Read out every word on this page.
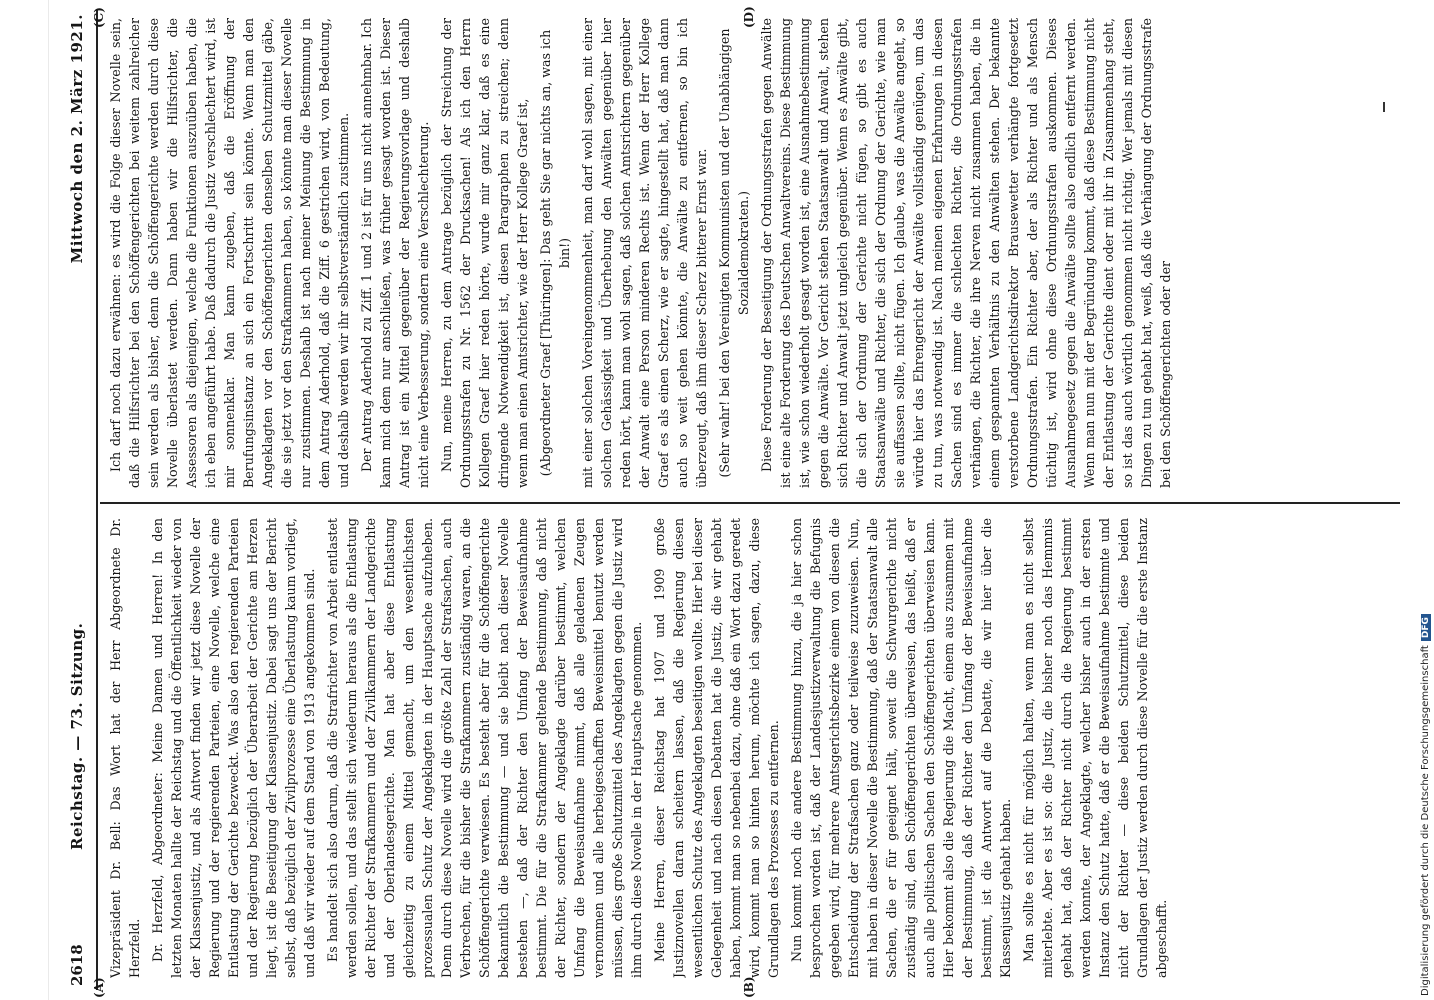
2618
Reichstag. — 73. Sitzung.
Mittwoch den 2. März 1921.

Vizepräsident Dr. Bell: Das Wort hat der Herr Abgeordnete Dr. Herzfeld. Dr. Herzfeld, Abgeordneter: Meine Damen und Herren! In den letzten Monaten hallte der Reichstag und die Öffentlichkeit wieder von der Klassenjustiz, und als Antwort finden wir jetzt diese Novelle der Regierung und der regierenden Parteien, eine Novelle, welche eine Entlastung der Gerichte bezweckt. Was also den regierenden Parteien und der Regierung bezüglich der Überarbeit der Gerichte am Herzen liegt, ist die Beseitigung der Klassenjustiz. Dabei sagt uns der Bericht selbst, daß bezüglich der Zivilprozesse eine Überlastung kaum vorliegt, und daß wir wieder auf dem Stand von 1913 angekommen sind. Es handelt sich also darum, daß die Strafrichter von Arbeit entlastet werden sollen, und das stellt sich wiederum heraus als die Entlastung der Richter der Strafkammern und der Zivilkammern der Landgerichte und der Oberlandesgerichte. Man hat aber diese Entlastung gleichzeitig zu einem Mittel gemacht, um den wesentlichsten prozessualen Schutz der Angeklagten in der Hauptsache aufzuheben. Denn durch diese Novelle wird die größte Zahl der Strafsachen, auch Verbrechen, für die bisher die Strafkammern zuständig waren, an die Schöffengerichte verwiesen. Es besteht aber für die Schöffengerichte bekanntlich die Bestimmung — und sie bleibt nach dieser Novelle bestehen —, daß der Richter den Umfang der Beweisaufnahme bestimmt. Die für die Strafkammer geltende Bestimmung, daß nicht der Richter, sondern der Angeklagte darüber bestimmt, welchen Umfang die Beweisaufnahme nimmt, daß alle geladenen Zeugen vernommen und alle herbeigeschafften Beweismittel benutzt werden müssen, dies große Schutzmittel des Angeklagten gegen die Justiz wird ihm durch diese Novelle in der Hauptsache genommen. Meine Herren, dieser Reichstag hat 1907 und 1909 große Justiznovellen daran scheitern lassen, daß die Regierung diesen wesentlichen Schutz des Angeklagten beseitigen wollte. Hier bei dieser Gelegenheit und nach diesen Debatten hat die Justiz, die wir gehabt haben, kommt man so nebenbei dazu, ohne daß ein Wort dazu geredet wird, kommt man so hinten herum, möchte ich sagen, dazu, diese Grundlagen des Prozesses zu entfernen. Nun kommt noch die andere Bestimmung hinzu, die ja hier schon besprochen worden ist, daß der Landesjustizverwaltung die Befugnis gegeben wird, für mehrere Amtsgerichtsbezirke einem von diesen die Entscheidung der Strafsachen ganz oder teilweise zuzuweisen. Nun, mit haben in dieser Novelle die Bestimmung, daß der Staatsanwalt alle Sachen, die er für geeignet hält, soweit die Schwurgerichte nicht zuständig sind, den Schöffengerichten überweisen, das heißt, daß er auch alle politischen Sachen den Schöffengerichten überweisen kann. Hier bekommt also die Regierung die Macht, einem aus zusammen mit der Bestimmung, daß der Richter den Umfang der Beweisaufnahme bestimmt, ist die Antwort auf die Debatte, die wir hier über die Klassenjustiz gehabt haben. Man sollte es nicht für möglich halten, wenn man es nicht selbst miterlebte. Aber es ist so: die Justiz, die bisher noch das Hemmnis gehabt hat, daß der Richter nicht durch die Regierung bestimmt werden konnte, der Angeklagte, welcher bisher auch in der ersten Instanz den Schutz hatte, daß er die Beweisaufnahme bestimmte und nicht der Richter — diese beiden Schutzmittel, diese beiden Grundlagen der Justiz werden durch diese Novelle für die erste Instanz abgeschafft.

Ich darf noch dazu erwähnen: es wird die Folge dieser Novelle sein, daß die Hilfsrichter bei den Schöffengerichten bei weitem zahlreicher sein werden als bisher, denn die Schöffengerichte werden durch diese Novelle überlastet werden. Dann haben wir die Hilfsrichter, die Assessoren als diejenigen, welche die Funktionen auszuüben haben, die ich eben angeführt habe. Daß dadurch die Justiz verschlechtert wird, ist mir sonnenklar. Man kann zugeben, daß die Eröffnung der Berufungsinstanz an sich ein Fortschritt sein könnte. Wenn man den Angeklagten vor den Schöffengerichten denselben Schutzmittel gäbe, die sie jetzt vor den Strafkammern haben, so könnte man dieser Novelle nur zustimmen. Deshalb ist nach meiner Meinung die Bestimmung in dem Antrag Aderhold, daß die Ziff. 6 gestrichen wird, von Bedeutung, und deshalb werden wir ihr selbstverständlich zustimmen. Der Antrag Aderhold zu Ziff. 1 und 2 ist für uns nicht annehmbar. Ich kann mich dem nur anschließen, was früher gesagt worden ist. Dieser Antrag ist ein Mittel gegenüber der Regierungsvorlage und deshalb nicht eine Verbesserung, sondern eine Verschlechterung. Nun, meine Herren, zu dem Antrage bezüglich der Streichung der Ordnungsstrafen zu Nr. 1562 der Drucksachen! Als ich den Herrn Kollegen Graef hier reden hörte, wurde mir ganz klar, daß es eine dringende Notwendigkeit ist, diesen Paragraphen zu streichen; denn wenn man einen Amtsrichter, wie der Herr Kollege Graef ist, (Abgeordneter Graef [Thüringen]: Das geht Sie gar nichts an, was ich bin!) mit einer solchen Voreingenommenheit, man darf wohl sagen, mit einer solchen Gehässigkeit und Überhebung den Anwälten gegenüber hier reden hört, kann man wohl sagen, daß solchen Amtsrichtern gegenüber der Anwalt eine Person minderen Rechts ist. Wenn der Herr Kollege Graef es als einen Scherz, wie er sagte, hingestellt hat, daß man dann auch so weit gehen könnte, die Anwälte zu entfernen, so bin ich überzeugt, daß ihm dieser Scherz bitterer Ernst war. (Sehr wahr! bei den Vereinigten Kommunisten und der Unabhängigen Sozialdemokraten.) Diese Forderung der Beseitigung der Ordnungsstrafen gegen Anwälte ist eine alte Forderung des Deutschen Anwaltvereins. Diese Bestimmung ist, wie schon wiederholt gesagt worden ist, eine Ausnahmebestimmung gegen die Anwälte. Vor Gericht stehen Staatsanwalt und Anwalt, stehen sich Richter und Anwalt jetzt ungleich gegenüber. Wenn es Anwälte gibt, die sich der Ordnung der Gerichte nicht fügen, so gibt es auch Staatsanwälte und Richter, die sich der Ordnung der Gerichte, wie man sie auffassen sollte, nicht fügen. Ich glaube, was die Anwälte angeht, so würde hier das Ehrengericht der Anwälte vollständig genügen, um das zu tun, was notwendig ist. Nach meinen eigenen Erfahrungen in diesen Sachen sind es immer die schlechten Richter, die Ordnungsstrafen verhängen, die Richter, die ihre Nerven nicht zusammen haben, die in einem gespannten Verhältnis zu den Anwälten stehen. Der bekannte verstorbene Landgerichtsdirektor Brausewetter verhängte fortgesetzt Ordnungsstrafen. Ein Richter aber, der als Richter und als Mensch tüchtig ist, wird ohne diese Ordnungsstrafen auskommen. Dieses Ausnahmegesetz gegen die Anwälte sollte also endlich entfernt werden. Wenn man nun mit der Begründung kommt, daß diese Bestimmung nicht der Entlastung der Gerichte dient oder mit ihr in Zusammenhang steht, so ist das auch wörtlich genommen nicht richtig. Wer jemals mit diesen Dingen zu tun gehabt hat, weiß, daß die Verhängung der Ordnungsstrafe bei den Schöffengerichten oder der

(A)	(B)
(C)	(D)
Digitalisierung gefördert durch die Deutsche ForschungsgemeinschaftDFG
